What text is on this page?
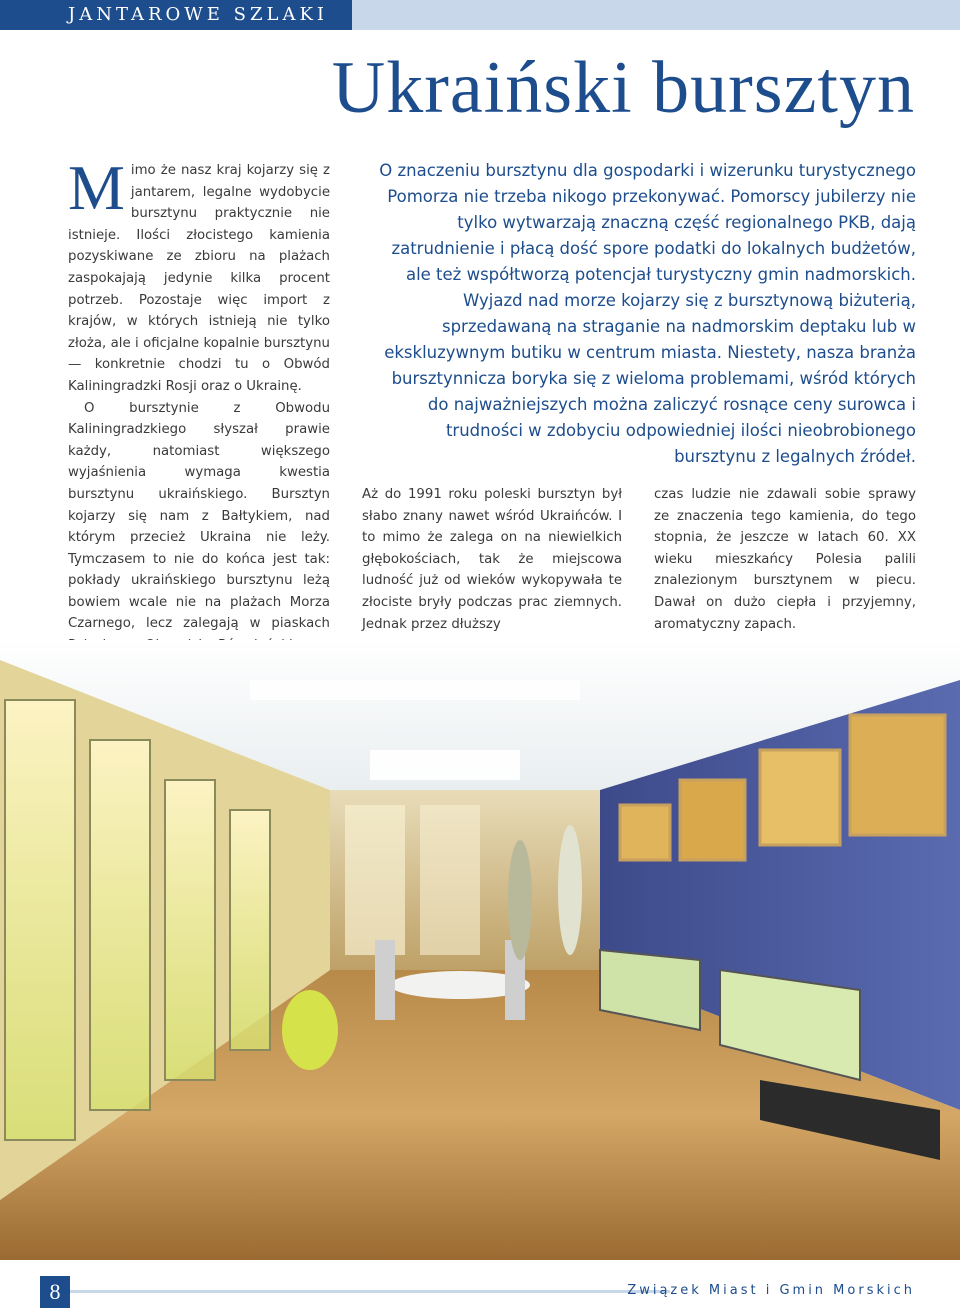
JANTAROWE SZLAKI
Ukraiński bursztyn
O znaczeniu bursztynu dla gospodarki i wizerunku turystycznego Pomorza nie trzeba nikogo przekonywać. Pomorscy jubilerzy nie tylko wytwarzają znaczną część regionalnego PKB, dają zatrudnienie i płacą dość spore podatki do lokalnych budżetów, ale też współtworzą potencjał turystyczny gmin nadmorskich. Wyjazd nad morze kojarzy się z bursztynową biżuterią, sprzedawaną na straganie na nadmorskim deptaku lub w ekskluzywnym butiku w centrum miasta. Niestety, nasza branża bursztynnicza boryka się z wieloma problemami, wśród których do najważniejszych można zaliczyć rosnące ceny surowca i trudności w zdobyciu odpowiedniej ilości nieobrobionego bursztynu z legalnych źródeł.

Mimo że nasz kraj kojarzy się z jantarem, legalne wydobycie bursztynu praktycznie nie istnieje. Ilości złocistego kamienia pozyskiwane ze zbioru na plażach zaspokajają jedynie kilka procent potrzeb. Pozostaje więc import z krajów, w których istnieją nie tylko złoża, ale i oficjalne kopalnie bursztynu — konkretnie chodzi tu o Obwód Kaliningradzki Rosji oraz o Ukrainę.

O bursztynie z Obwodu Kaliningradzkiego słyszał prawie każdy, natomiast większego wyjaśnienia wymaga kwestia bursztynu ukraińskiego. Bursztyn kojarzy się nam z Bałtykiem, nad którym przecież Ukraina nie leży. Tymczasem to nie do końca jest tak: pokłady ukraińskiego bursztynu leżą bowiem wcale nie na plażach Morza Czarnego, lecz zalegają w piaskach

Aż do 1991 roku poleski bursztyn był słabo znany nawet wśród Ukraińców. I to mimo że zalega on na niewielkich głębokościach, tak że miejscowa ludność już od wieków wykopywała te złociste bryły podczas prac ziemnych. Jednak przez dłuższy

czas ludzie nie zdawali sobie sprawy ze znaczenia tego kamienia, do tego stopnia, że jeszcze w latach 60. XX wieku mieszkańcy Polesia palili znalezionym bursztynem w piecu. Dawał on dużo ciepła i przyjemny, aromatyczny zapach.

8	Związek Miast i Gmin Morskich
